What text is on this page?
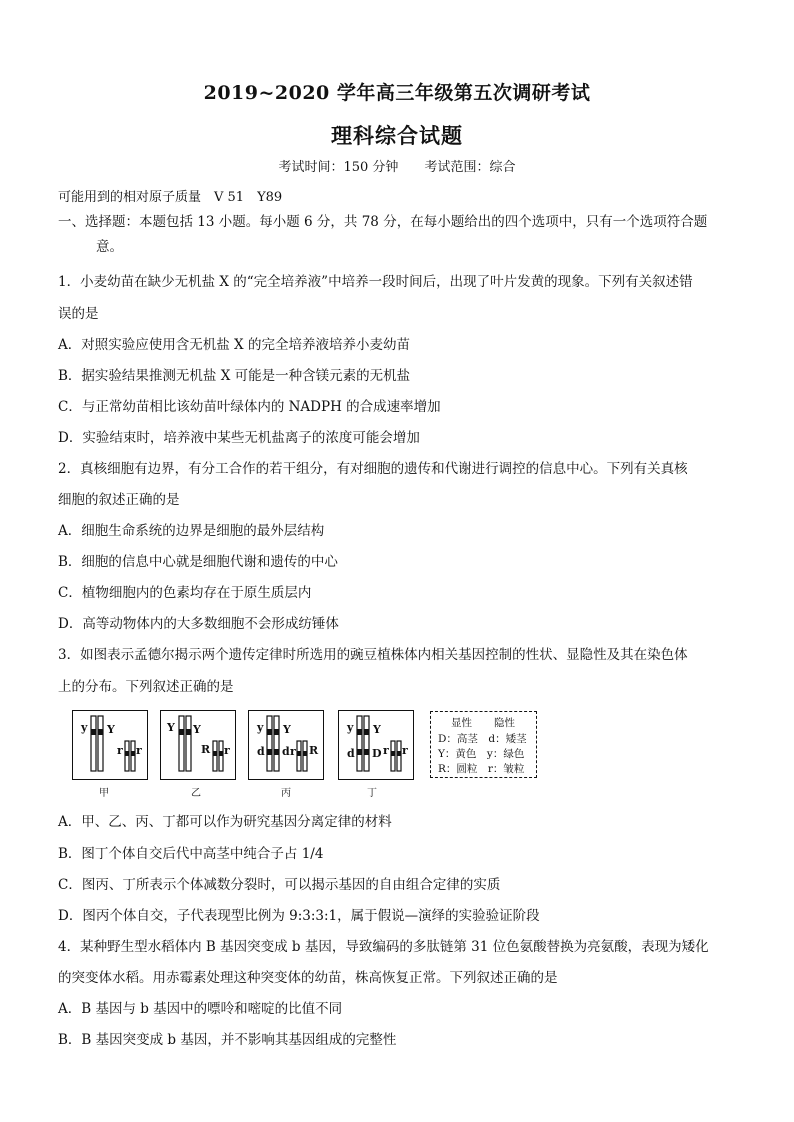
2019~2020 学年高三年级第五次调研考试
理科综合试题
考试时间：150 分钟 考试范围：综合
可能用到的相对原子质量　V 51　Y89
一、选择题：本题包括 13 小题。每小题 6 分，共 78 分，在每小题给出的四个选项中，只有一个选项符合题
意。
1．小麦幼苗在缺少无机盐 X 的“完全培养液”中培养一段时间后，出现了叶片发黄的现象。下列有关叙述错
误的是
A．对照实验应使用含无机盐 X 的完全培养液培养小麦幼苗
B．据实验结果推测无机盐 X 可能是一种含镁元素的无机盐
C．与正常幼苗相比该幼苗叶绿体内的 NADPH 的合成速率增加
D．实验结束时，培养液中某些无机盐离子的浓度可能会增加
2．真核细胞有边界，有分工合作的若干组分，有对细胞的遗传和代谢进行调控的信息中心。下列有关真核
细胞的叙述正确的是
A．细胞生命系统的边界是细胞的最外层结构
B．细胞的信息中心就是细胞代谢和遗传的中心
C．植物细胞内的色素均存在于原生质层内
D．高等动物体内的大多数细胞不会形成纺锤体
3．如图表示孟德尔揭示两个遗传定律时所选用的豌豆植株体内相关基因控制的性状、显隐性及其在染色体
上的分布。下列叙述正确的是
y Y
r r
甲
Y Y
R r
乙
y Y
d d r R
丙
y Y
d D r r
丁
显性 隐性
D：高茎　d：矮茎
Y：黄色　y：绿色
R：圆粒　r：皱粒
A．甲、乙、丙、丁都可以作为研究基因分离定律的材料
B．图丁个体自交后代中高茎中纯合子占 1/4
C．图丙、丁所表示个体减数分裂时，可以揭示基因的自由组合定律的实质
D．图丙个体自交，子代表现型比例为 9:3:3:1，属于假说—演绎的实验验证阶段
4．某种野生型水稻体内 B 基因突变成 b 基因，导致编码的多肽链第 31 位色氨酸替换为亮氨酸，表现为矮化
的突变体水稻。用赤霉素处理这种突变体的幼苗，株高恢复正常。下列叙述正确的是
A．B 基因与 b 基因中的嘌呤和嘧啶的比值不同
B．B 基因突变成 b 基因，并不影响其基因组成的完整性
